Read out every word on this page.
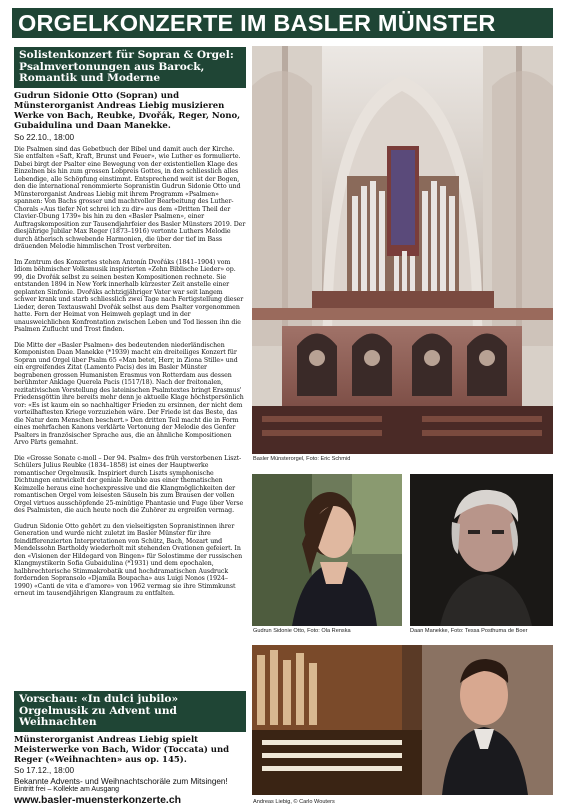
ORGELKONZERTE IM BASLER MÜNSTER
Solistenkonzert für Sopran & Orgel: Psalmvertonungen aus Barock, Romantik und Moderne
Gudrun Sidonie Otto (Sopran) und Münsterorganist Andreas Liebig musizieren Werke von Bach, Reubke, Dvořák, Reger, Nono, Gubaidulina und Daan Manekke.
So 22.10., 18:00

Die Psalmen sind das Gebetbuch der Bibel und damit auch der Kirche. Sie entfalten «Saft, Kraft, Brunst und Feuer», wie Luther es formulierte. Dabei birgt der Psalter eine Bewegung von der existentiellen Klage des Einzelnen bis hin zum grossen Lobpreis Gottes, in den schliesslich alles Lebendige, alle Schöpfung einstimmt. Entsprechend weit ist der Bogen, den die international renommierte Sopranistin Gudrun Sidonie Otto und Münsterorganist Andreas Liebig mit ihrem Programm «Psalmen» spannen: Von Bachs grosser und machtvoller Bearbeitung des Luther-Chorals «Aus tiefer Not schrei ich zu dir» aus dem «Dritten Theil der Clavier-Übung 1739» bis hin zu den «Basler Psalmen», einer Auftragskomposition zur Tausendjahrfeier des Basler Münsters 2019. Der diesjährige Jubilar Max Reger (1873–1916) vertonte Luthers Melodie durch ätherisch schwebende Harmonien, die über der tief im Bass dräuenden Melodie himmlischen Trost verbreiten.

Im Zentrum des Konzertes stehen Antonín Dvořáks (1841–1904) vom Idiom böhmischer Volksmusik inspirierten «Zehn Biblische Lieder» op. 99, die Dvořák selbst zu seinen besten Kompositionen rechnete. Sie entstanden 1894 in New York innerhalb kürzester Zeit anstelle einer geplanten Sinfonie. Dvořáks achtzigjähriger Vater war seit langem schwer krank und starb schliesslich zwei Tage nach Fertigstellung dieser Lieder, deren Textauswahl Dvořák selbst aus dem Psalter vorgenommen hatte. Fern der Heimat von Heimweh geplagt und in der unausweichlichen Konfrontation zwischen Leben und Tod liessen ihn die Psalmen Zuflucht und Trost finden.

Die Mitte der «Basler Psalmen» des bedeutenden niederländischen Komponisten Daan Manekke (*1939) macht ein dreiteiliges Konzert für Sopran und Orgel über Psalm 65 «Man betet, Herr, in Ziona Stille» und ein ergreifendes Zitat (Lamento Pacis) des im Basler Münster begrabenen grossen Humanisten Erasmus von Rotterdam aus dessen berühmter Anklage Querela Pacis (1517/18). Nach der freitonalen, rezitativischen Vorstellung des lateinischen Psalmtextes bringt Erasmus' Friedensgöttin ihre bereits mehr denn je aktuelle Klage höchstpersönlich vor: «Es ist kaum ein so nachhaltiger Frieden zu ersinnen, der nicht dem vorteilhaftesten Kriege vorzuziehen wäre. Der Friede ist das Beste, das die Natur dem Menschen beschert.» Den dritten Teil macht die in Form eines mehrfachen Kanons verklärte Vertonung der Melodie des Genfer Psalters in französischer Sprache aus, die an ähnliche Kompositionen Arvo Pärts gemahnt.

Die «Grosse Sonate c-moll – Der 94. Psalm» des früh verstorbenen Liszt-Schülers Julius Reubke (1834–1858) ist eines der Hauptwerke romantischer Orgelmusik. Inspiriert durch Liszts symphonische Dichtungen entwickelt der geniale Reubke aus einer thematischen Keimzelle heraus eine hochexpressive und die Klangmöglichkeiten der romantischen Orgel vom leisesten Säuseln bis zum Brausen der vollen Orgel virtuos ausschöpfende 25-minütige Phantasie und Fuge über Verse des Psalmisten, die auch heute noch die Zuhörer zu ergreifen vermag.

Gudrun Sidonie Otto gehört zu den vielseitigsten Sopranistinnen ihrer Generation und wurde nicht zuletzt im Basler Münster für ihre feindifferenzierten Interpretationen von Schütz, Bach, Mozart und Mendelssohn Bartholdy wiederholt mit stehenden Ovationen gefeiert. In den «Visionen der Hildegard von Bingen» für Solostimme der russischen Klangmystikerin Sofia Gubaidulina (*1931) und dem epochalen, halbbrechterische Stimmakrobatik und hochdramatischen Ausdruck fordernden Sopransolo «Djamila Boupacha» aus Luigi Nonos (1924–1990) «Canti de vita e d'amore» von 1962 vermag sie ihre Stimmkunst erneut im tausendjährigen Klangraum zu entfalten.

Vorschau: «In dulci jubilo» Orgelmusik zu Advent und Weihnachten
Münsterorganist Andreas Liebig spielt Meisterwerke von Bach, Widor (Toccata) und Reger («Weihnachten» aus op. 145).
So 17.12., 18:00
Bekannte Advents- und Weihnachtschoräle zum Mitsingen!
Eintritt frei – Kollekte am Ausgang
www.basler-muensterkonzerte.ch
Basler Münsterorgel, Foto: Eric Schmid
Gudrun Sidonie Otto, Foto: Ola Renska	Daan Manekke, Foto: Tessa Posthuma de Boer
Andreas Liebig, © Carlo Wouters
